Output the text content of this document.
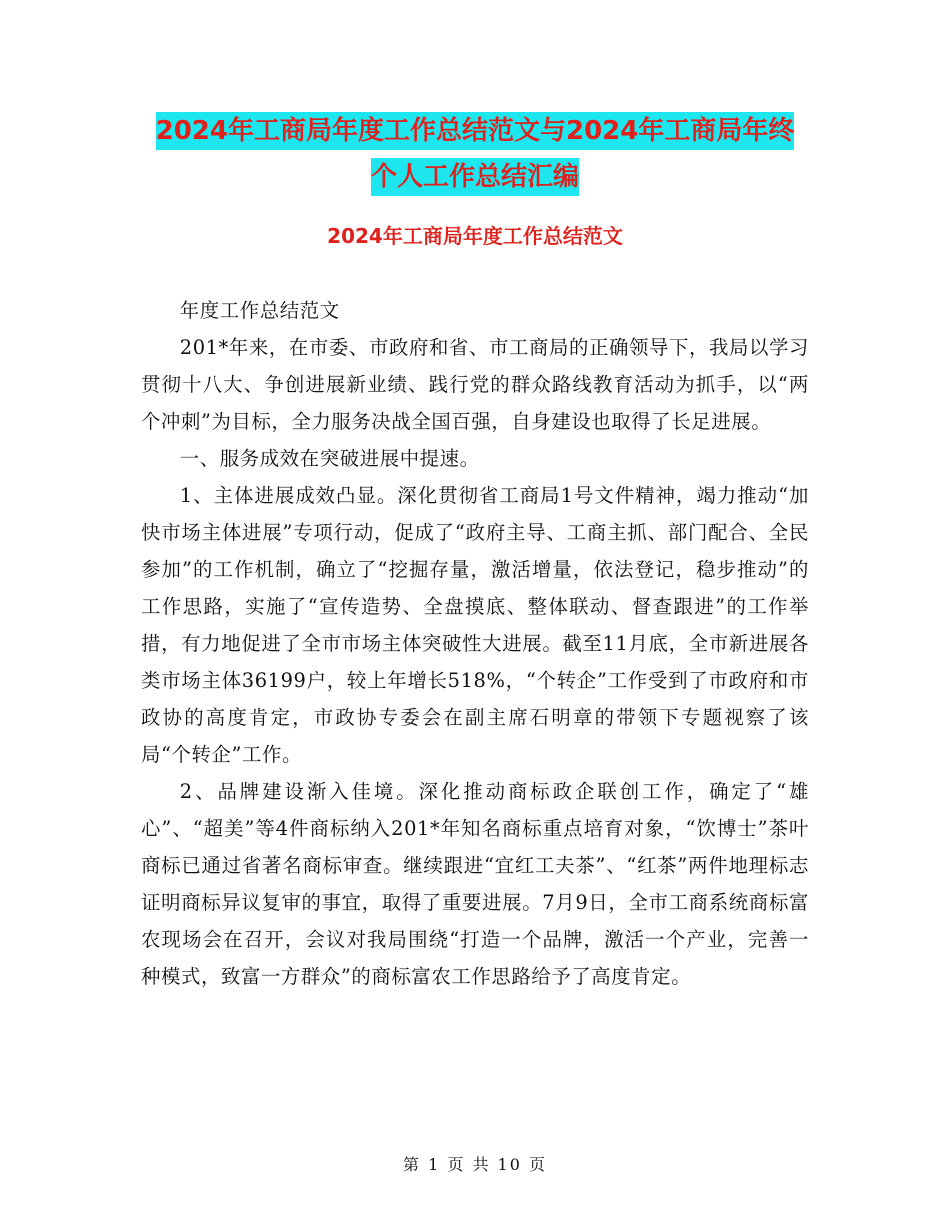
2024年工商局年度工作总结范文与2024年工商局年终
个人工作总结汇编
2024年工商局年度工作总结范文

年度工作总结范文

201*年来，在市委、市政府和省、市工商局的正确领导下，我局以学习贯彻十八大、争创进展新业绩、践行党的群众路线教育活动为抓手，以“两个冲刺”为目标，全力服务决战全国百强，自身建设也取得了长足进展。

一、服务成效在突破进展中提速。

1、主体进展成效凸显。深化贯彻省工商局1号文件精神，竭力推动“加快市场主体进展”专项行动，促成了“政府主导、工商主抓、部门配合、全民参加”的工作机制，确立了“挖掘存量，激活增量，依法登记，稳步推动”的工作思路，实施了“宣传造势、全盘摸底、整体联动、督查跟进”的工作举措，有力地促进了全市市场主体突破性大进展。截至11月底，全市新进展各类市场主体36199户，较上年增长518%，“个转企”工作受到了市政府和市政协的高度肯定，市政协专委会在副主席石明章的带领下专题视察了该局“个转企”工作。

2、品牌建设渐入佳境。深化推动商标政企联创工作，确定了“雄心”、“超美”等4件商标纳入201*年知名商标重点培育对象，“饮博士”茶叶商标已通过省著名商标审查。继续跟进“宜红工夫茶”、“红茶”两件地理标志证明商标异议复审的事宜，取得了重要进展。7月9日，全市工商系统商标富农现场会在召开，会议对我局围绕“打造一个品牌，激活一个产业，完善一种模式，致富一方群众”的商标富农工作思路给予了高度肯定。

第 1 页 共 10 页
